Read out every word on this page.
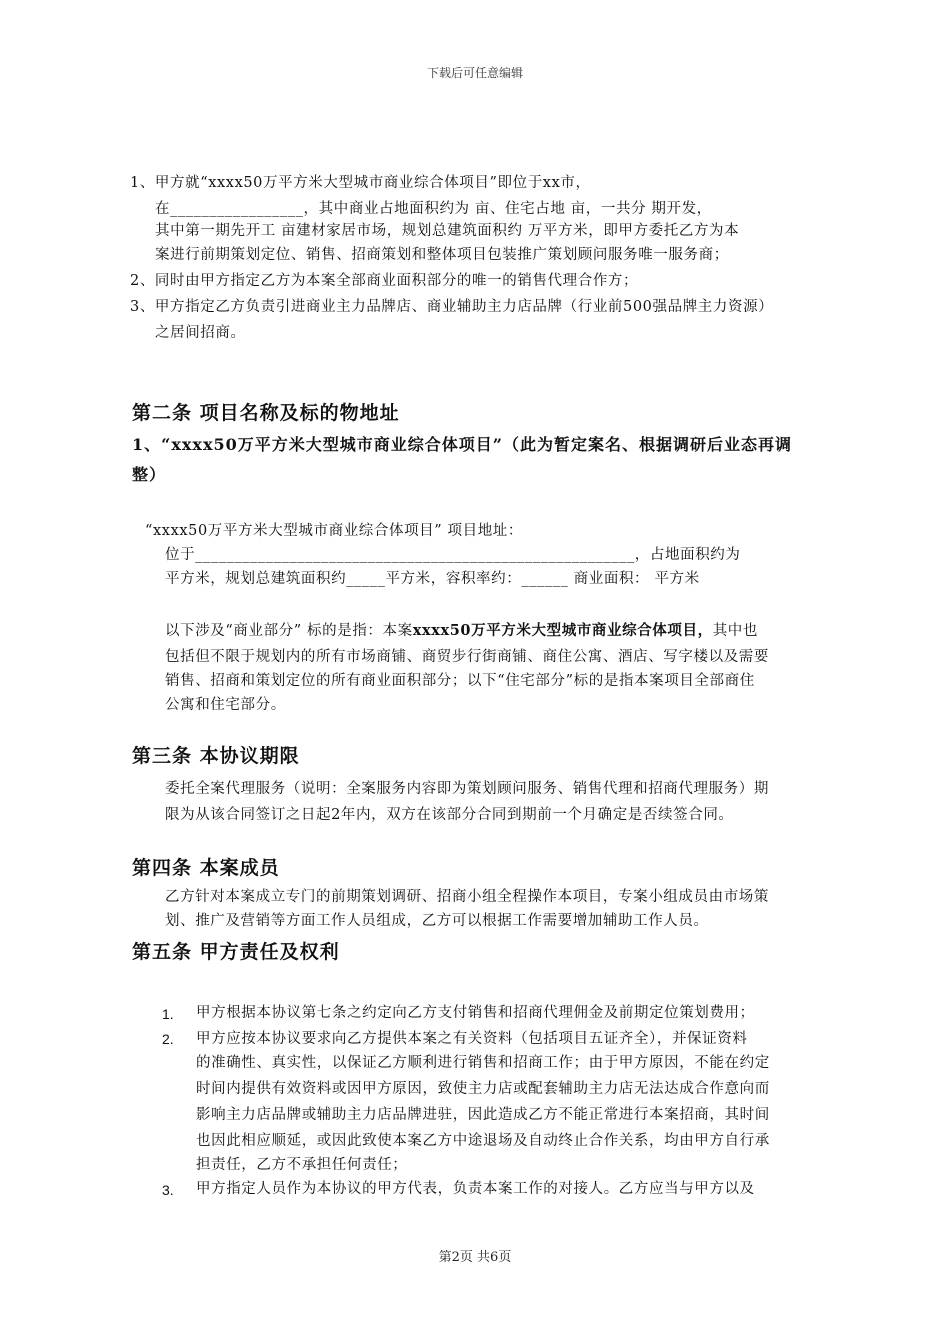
下载后可任意编辑
1、甲方就“xxxx50万平方米大型城市商业综合体项目”即位于xx市，
在_________________，其中商业占地面积约为 亩、住宅占地 亩，一共分 期开发，
其中第一期先开工 亩建材家居市场，规划总建筑面积约 万平方米，即甲方委托乙方为本
案进行前期策划定位、销售、招商策划和整体项目包装推广策划顾问服务唯一服务商；
2、同时由甲方指定乙方为本案全部商业面积部分的唯一的销售代理合作方；
3、甲方指定乙方负责引进商业主力品牌店、商业辅助主力店品牌（行业前500强品牌主力资源）
之居间招商。
第二条 项目名称及标的物地址
1、“xxxx50万平方米大型城市商业综合体项目”（此为暂定案名、根据调研后业态再调
整）
“xxxx50万平方米大型城市商业综合体项目” 项目地址：
位于________________________________________________________，占地面积约为
平方米，规划总建筑面积约_____平方米，容积率约：______ 商业面积： 平方米
以下涉及“商业部分” 标的是指：本案xxxx50万平方米大型城市商业综合体项目，其中也
包括但不限于规划内的所有市场商铺、商贸步行街商铺、商住公寓、酒店、写字楼以及需要
销售、招商和策划定位的所有商业面积部分；以下“住宅部分”标的是指本案项目全部商住
公寓和住宅部分。
第三条 本协议期限
委托全案代理服务（说明：全案服务内容即为策划顾问服务、销售代理和招商代理服务）期
限为从该合同签订之日起2年内，双方在该部分合同到期前一个月确定是否续签合同。
第四条 本案成员
乙方针对本案成立专门的前期策划调研、招商小组全程操作本项目，专案小组成员由市场策
划、推广及营销等方面工作人员组成，乙方可以根据工作需要增加辅助工作人员。
第五条 甲方责任及权利
1. 甲方根据本协议第七条之约定向乙方支付销售和招商代理佣金及前期定位策划费用；
2. 甲方应按本协议要求向乙方提供本案之有关资料（包括项目五证齐全），并保证资料
的准确性、真实性，以保证乙方顺利进行销售和招商工作；由于甲方原因，不能在约定
时间内提供有效资料或因甲方原因，致使主力店或配套辅助主力店无法达成合作意向而
影响主力店品牌或辅助主力店品牌进驻，因此造成乙方不能正常进行本案招商，其时间
也因此相应顺延，或因此致使本案乙方中途退场及自动终止合作关系，均由甲方自行承
担责任，乙方不承担任何责任；
3. 甲方指定人员作为本协议的甲方代表，负责本案工作的对接人。乙方应当与甲方以及
第2页 共6页
